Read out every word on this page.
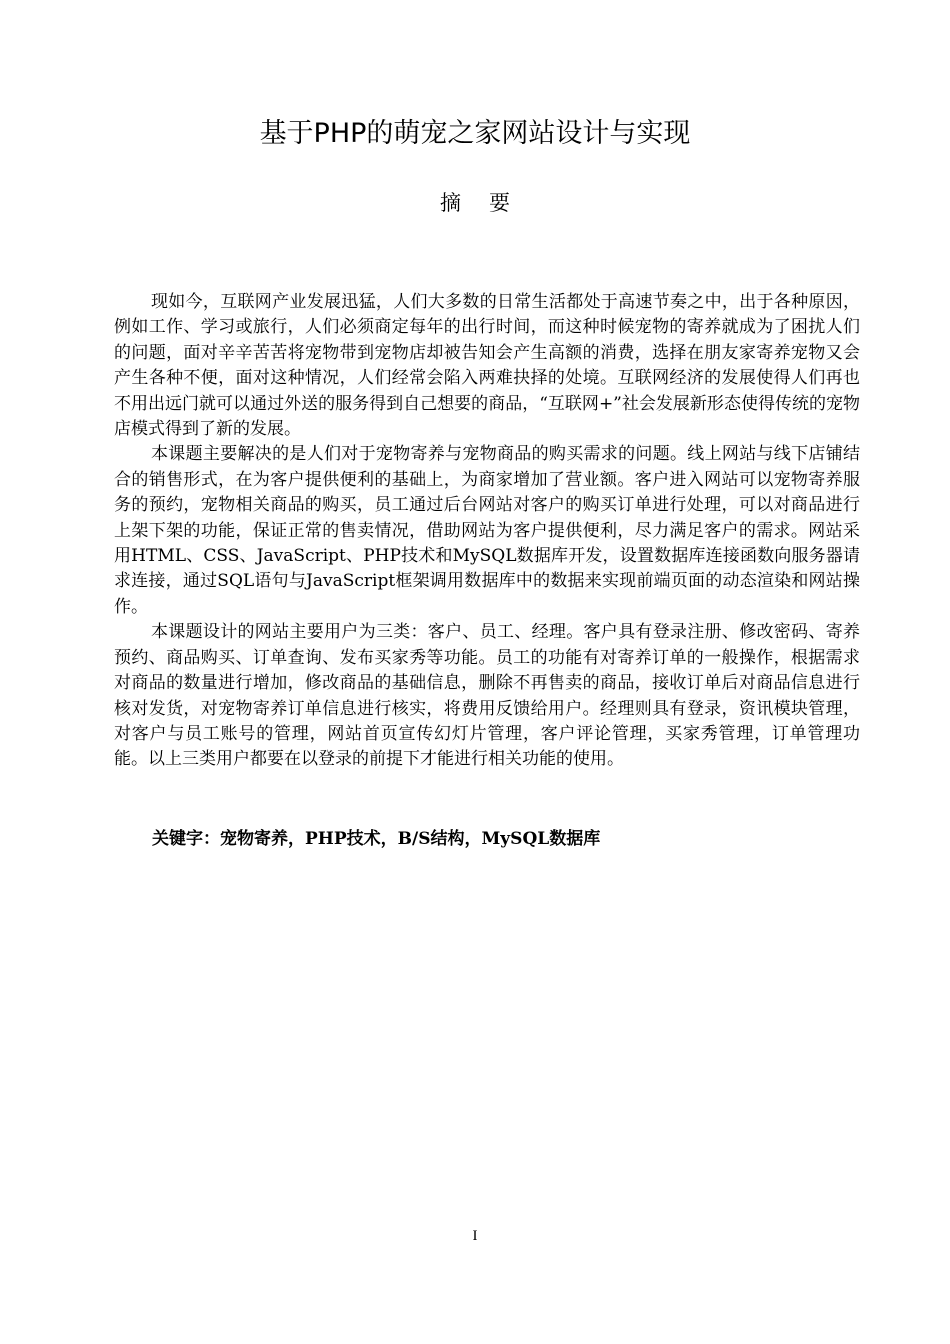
基于PHP的萌宠之家网站设计与实现
摘要

现如今，互联网产业发展迅猛，人们大多数的日常生活都处于高速节奏之中，出于各种原因，例如工作、学习或旅行，人们必须商定每年的出行时间，而这种时候宠物的寄养就成为了困扰人们的问题，面对辛辛苦苦将宠物带到宠物店却被告知会产生高额的消费，选择在朋友家寄养宠物又会产生各种不便，面对这种情况，人们经常会陷入两难抉择的处境。互联网经济的发展使得人们再也不用出远门就可以通过外送的服务得到自己想要的商品，“互联网+”社会发展新形态使得传统的宠物店模式得到了新的发展。

本课题主要解决的是人们对于宠物寄养与宠物商品的购买需求的问题。线上网站与线下店铺结合的销售形式，在为客户提供便利的基础上，为商家增加了营业额。客户进入网站可以宠物寄养服务的预约，宠物相关商品的购买，员工通过后台网站对客户的购买订单进行处理，可以对商品进行上架下架的功能，保证正常的售卖情况，借助网站为客户提供便利，尽力满足客户的需求。网站采用HTML、CSS、JavaScript、PHP技术和MySQL数据库开发，设置数据库连接函数向服务器请求连接，通过SQL语句与JavaScript框架调用数据库中的数据来实现前端页面的动态渲染和网站操作。

本课题设计的网站主要用户为三类：客户、员工、经理。客户具有登录注册、修改密码、寄养预约、商品购买、订单查询、发布买家秀等功能。员工的功能有对寄养订单的一般操作，根据需求对商品的数量进行增加，修改商品的基础信息，删除不再售卖的商品，接收订单后对商品信息进行核对发货，对宠物寄养订单信息进行核实，将费用反馈给用户。经理则具有登录，资讯模块管理，对客户与员工账号的管理，网站首页宣传幻灯片管理，客户评论管理，买家秀管理，订单管理功能。以上三类用户都要在以登录的前提下才能进行相关功能的使用。

关键字：宠物寄养，PHP技术，B/S结构，MySQL数据库
I
